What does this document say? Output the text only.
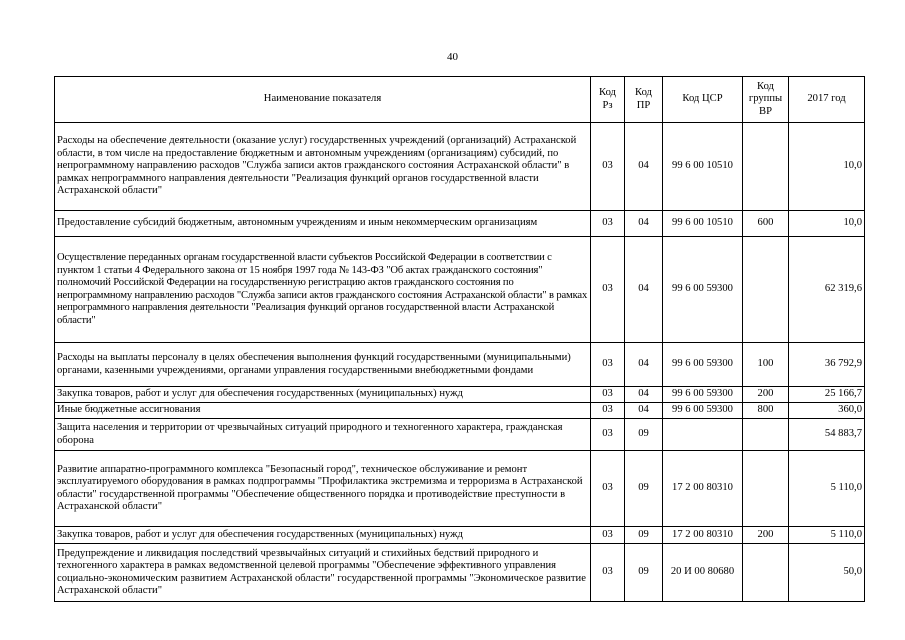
40
Наименование показателя	Код Рз	Код ПР	Код ЦСР	Код группы ВР	2017 год
Расходы на обеспечение деятельности (оказание услуг) государственных учреждений (организаций) Астраханской области, в том числе на предоставление бюджетным и автономным учреждениям (организациям) субсидий, по непрограммному направлению расходов "Служба записи актов гражданского состояния Астраханской области" в рамках непрограммного направления деятельности "Реализация функций органов государственной власти Астраханской области"	03	04	99 6 00 10510		10,0
Предоставление субсидий бюджетным, автономным учреждениям и иным некоммерческим организациям	03	04	99 6 00 10510	600	10,0
Осуществление переданных органам государственной власти субъектов Российской Федерации в соответствии с пунктом 1 статьи 4 Федерального закона от 15 ноября 1997 года № 143-ФЗ "Об актах гражданского состояния" полномочий Российской Федерации на государственную регистрацию актов гражданского состояния по непрограммному направлению расходов "Служба записи актов гражданского состояния Астраханской области" в рамках непрограммного направления деятельности "Реализация функций органов государственной власти Астраханской области"	03	04	99 6 00 59300		62 319,6
Расходы на выплаты персоналу в целях обеспечения выполнения функций государственными (муниципальными) органами, казенными учреждениями, органами управления государственными внебюджетными фондами	03	04	99 6 00 59300	100	36 792,9
Закупка товаров, работ и услуг для обеспечения государственных (муниципальных) нужд	03	04	99 6 00 59300	200	25 166,7
Иные бюджетные ассигнования	03	04	99 6 00 59300	800	360,0
Защита населения и территории от чрезвычайных ситуаций природного и техногенного характера, гражданская оборона	03	09			54 883,7
Развитие аппаратно-программного комплекса "Безопасный город", техническое обслуживание и ремонт эксплуатируемого оборудования в рамках подпрограммы "Профилактика экстремизма и терроризма в Астраханской области" государственной программы "Обеспечение общественного порядка и противодействие преступности в Астраханской области"	03	09	17 2 00 80310		5 110,0
Закупка товаров, работ и услуг для обеспечения государственных (муниципальных) нужд	03	09	17 2 00 80310	200	5 110,0
Предупреждение и ликвидация последствий чрезвычайных ситуаций и стихийных бедствий природного и техногенного характера в рамках ведомственной целевой программы "Обеспечение эффективного управления социально-экономическим развитием Астраханской области" государственной программы "Экономическое развитие Астраханской области"	03	09	20 И 00 80680		50,0
